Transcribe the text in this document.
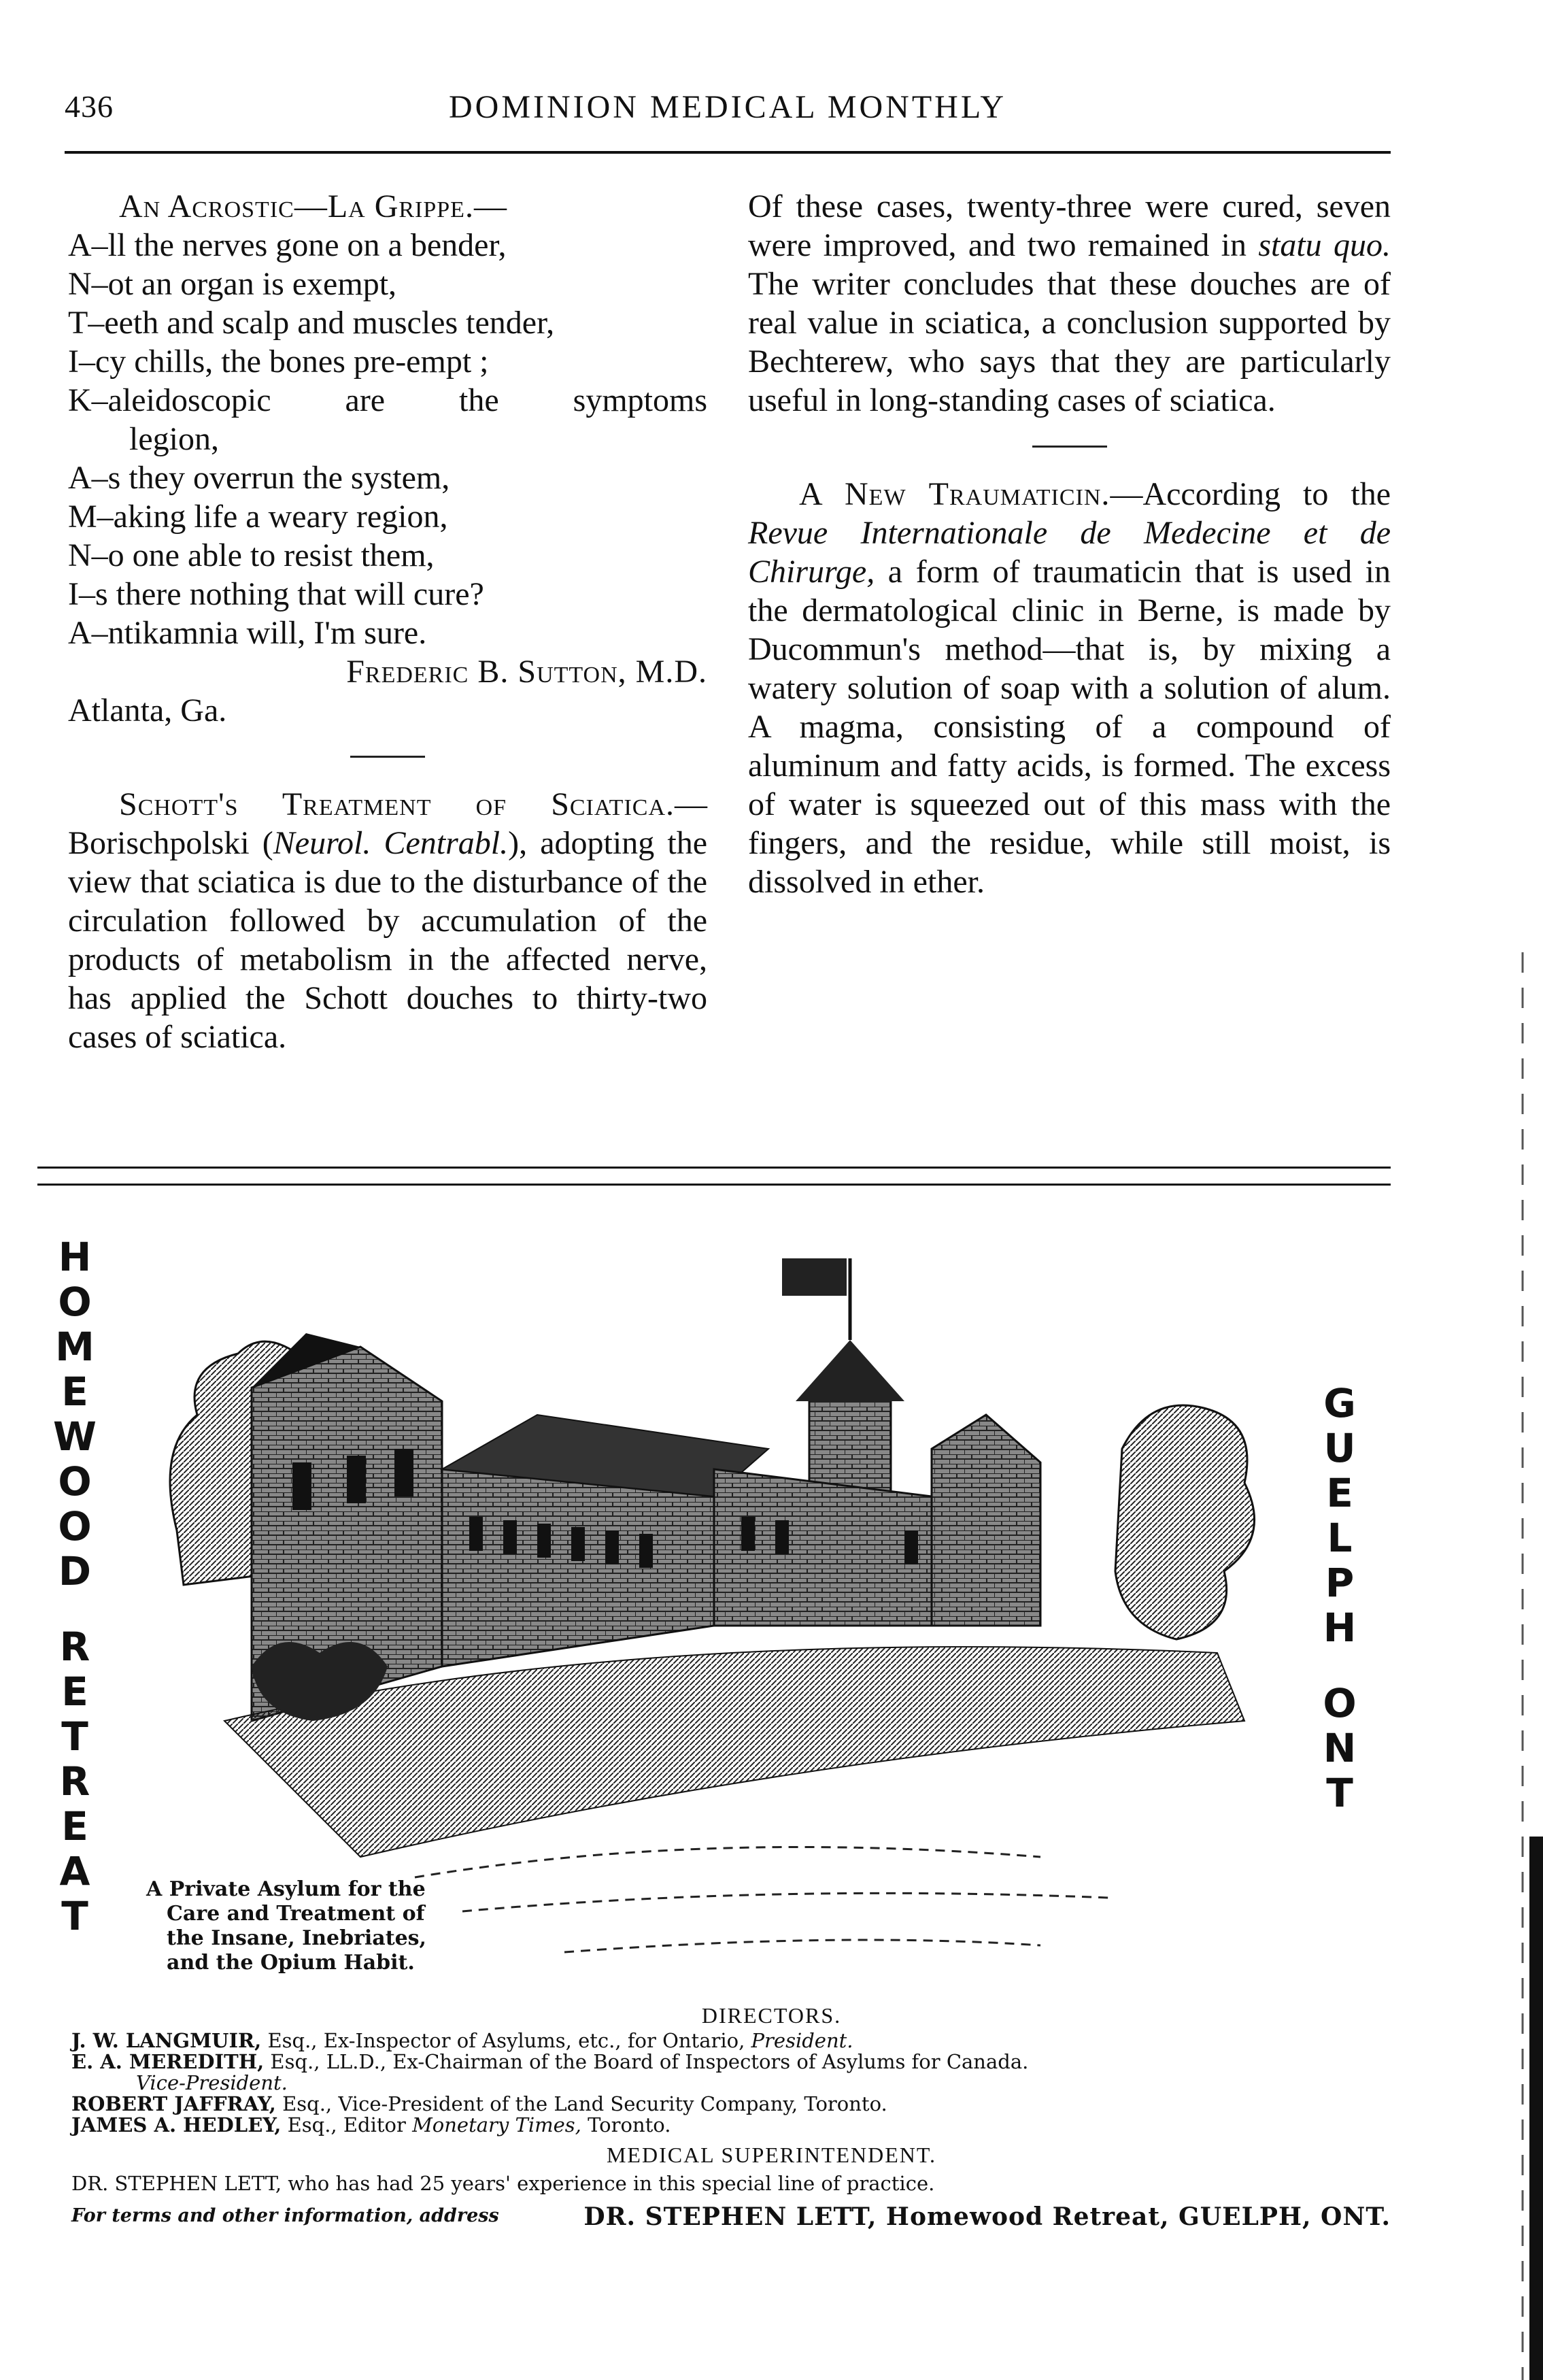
436	DOMINION MEDICAL MONTHLY

An Acrostic—La Grippe.—

A–ll the nerves gone on a bender,

N–ot an organ is exempt,

T–eeth and scalp and muscles tender,

I–cy chills, the bones pre-empt ;

K–aleidoscopic are the symptoms

legion,

A–s they overrun the system,

M–aking life a weary region,

N–o one able to resist them,

I–s there nothing that will cure?

A–ntikamnia will, I'm sure.

Frederic B. Sutton, M.D.

Atlanta, Ga.

Schott's Treatment of Sciatica.—Borischpolski (Neurol. Centrabl.), adopting the view that sciatica is due to the disturbance of the circulation followed by accumulation of the products of metabolism in the affected nerve, has applied the Schott douches to thirty-two cases of sciatica.

Of these cases, twenty-three were cured, seven were improved, and two remained in statu quo. The writer concludes that these douches are of real value in sciatica, a conclusion supported by Bechterew, who says that they are particularly useful in long-standing cases of sciatica.

A New Traumaticin.—According to the Revue Internationale de Medecine et de Chirurge, a form of traumaticin that is used in the dermatological clinic in Berne, is made by Ducommun's method—that is, by mixing a watery solution of soap with a solution of alum. A magma, consisting of a compound of aluminum and fatty acids, is formed. The excess of water is squeezed out of this mass with the fingers, and the residue, while still moist, is dissolved in ether.

H
O
M
E
W
O
O
D
R
E
T
R
E
A
T
G
U
E
L
P
H
O
N
T
A Private Asylum for the
Care and Treatment of
the Insane, Inebriates,
and the Opium Habit.
DIRECTORS.
J. W. LANGMUIR, Esq., Ex-Inspector of Asylums, etc., for Ontario, President.
E. A. MEREDITH, Esq., LL.D., Ex-Chairman of the Board of Inspectors of Asylums for Canada.
Vice-President.
ROBERT JAFFRAY, Esq., Vice-President of the Land Security Company, Toronto.
JAMES A. HEDLEY, Esq., Editor Monetary Times, Toronto.
MEDICAL SUPERINTENDENT.
DR. STEPHEN LETT, who has had 25 years' experience in this special line of practice.
For terms and other information, address	DR. STEPHEN LETT, Homewood Retreat, GUELPH, ONT.
